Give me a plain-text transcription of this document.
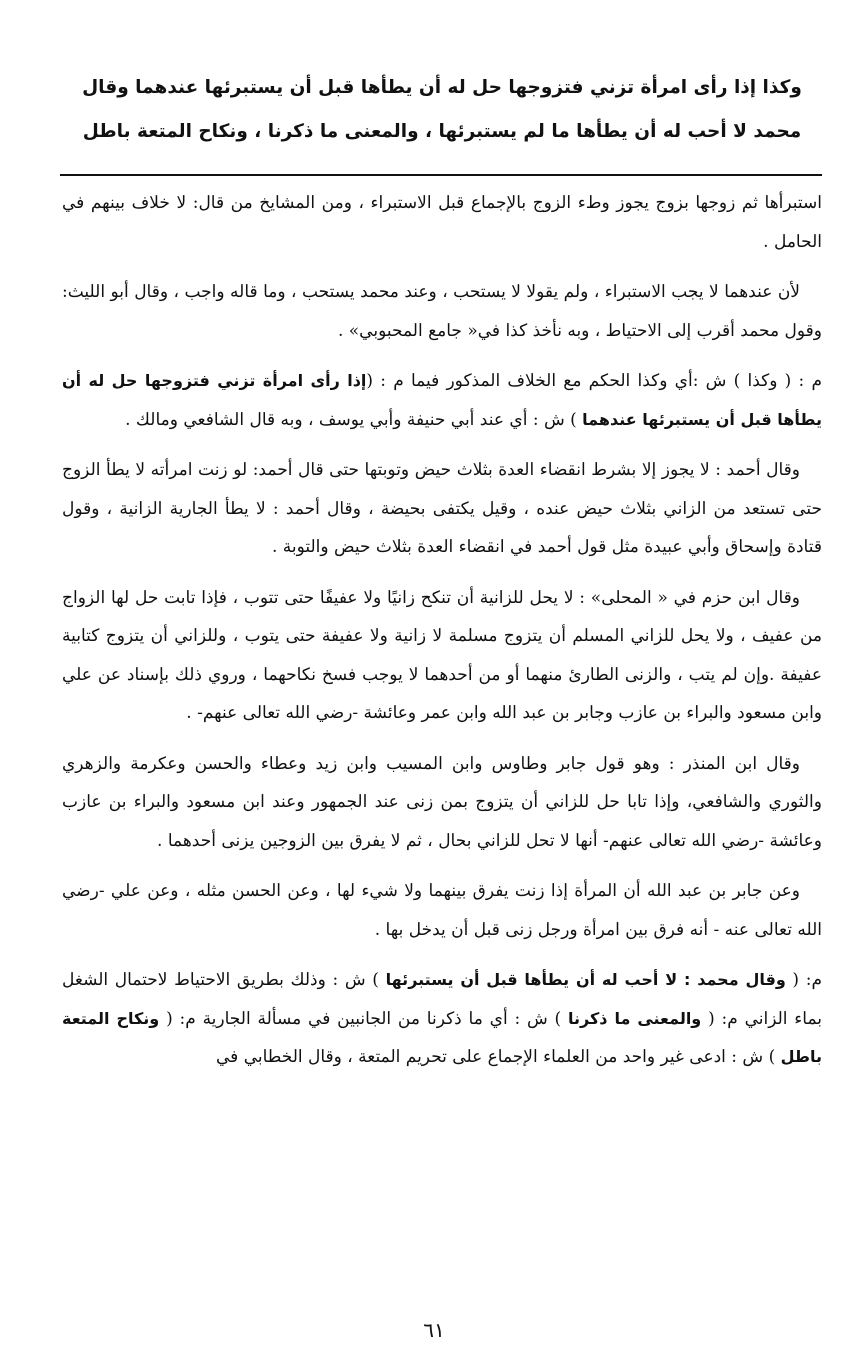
وكذا إذا رأى امرأة تزني فتزوجها حل له أن يطأها قبل أن يستبرئها عندهما وقال محمد لا أحب له أن يطأها ما لم يستبرئها ، والمعنى ما ذكرنا ، ونكاح المتعة باطل

استبرأها ثم زوجها بزوج يجوز وطء الزوج بالإجماع قبل الاستبراء ، ومن المشايخ من قال: لا خلاف بينهم في الحامل .

لأن عندهما لا يجب الاستبراء ، ولم يقولا لا يستحب ، وعند محمد يستحب ، وما قاله واجب ، وقال أبو الليث: وقول محمد أقرب إلى الاحتياط ، وبه نأخذ كذا في« جامع المحبوبي» .

م : ( وكذا ) ش :أي وكذا الحكم مع الخلاف المذكور فيما م : (إذا رأى امرأة تزني فتزوجها حل له أن يطأها قبل أن يستبرئها عندهما ) ش : أي عند أبي حنيفة وأبي يوسف ، وبه قال الشافعي ومالك .

وقال أحمد : لا يجوز إلا بشرط انقضاء العدة بثلاث حيض وتوبتها حتى قال أحمد: لو زنت امرأته لا يطأ الزوج حتى تستعد من الزاني بثلاث حيض عنده ، وقيل يكتفى بحيضة ، وقال أحمد : لا يطأ الجارية الزانية ، وقول قتادة وإسحاق وأبي عبيدة مثل قول أحمد في انقضاء العدة بثلاث حيض والتوبة .

وقال ابن حزم في « المحلى» : لا يحل للزانية أن تنكح زانيًا ولا عفيفًا حتى تتوب ، فإذا تابت حل لها الزواج من عفيف ، ولا يحل للزاني المسلم أن يتزوج مسلمة لا زانية ولا عفيفة حتى يتوب ، وللزاني أن يتزوج كتابية عفيفة .وإن لم يتب ، والزنى الطارئ منهما أو من أحدهما لا يوجب فسخ نكاحهما ، وروي ذلك بإسناد عن علي وابن مسعود والبراء بن عازب وجابر بن عبد الله وابن عمر وعائشة -رضي الله تعالى عنهم- .

وقال ابن المنذر : وهو قول جابر وطاوس وابن المسيب وابن زيد وعطاء والحسن وعكرمة والزهري والثوري والشافعي، وإذا تابا حل للزاني أن يتزوج بمن زنى عند الجمهور وعند ابن مسعود والبراء بن عازب وعائشة -رضي الله تعالى عنهم- أنها لا تحل للزاني بحال ، ثم لا يفرق بين الزوجين يزنى أحدهما .

وعن جابر بن عبد الله أن المرأة إذا زنت يفرق بينهما ولا شيء لها ، وعن الحسن مثله ، وعن علي -رضي الله تعالى عنه - أنه فرق بين امرأة ورجل زنى قبل أن يدخل بها .

م: ( وقال محمد : لا أحب له أن يطأها قبل أن يستبرئها ) ش : وذلك بطريق الاحتياط لاحتمال الشغل بماء الزاني م: ( والمعنى ما ذكرنا ) ش : أي ما ذكرنا من الجانبين في مسألة الجارية م: ( ونكاح المتعة باطل ) ش : ادعى غير واحد من العلماء الإجماع على تحريم المتعة ، وقال الخطابي في

٦١
